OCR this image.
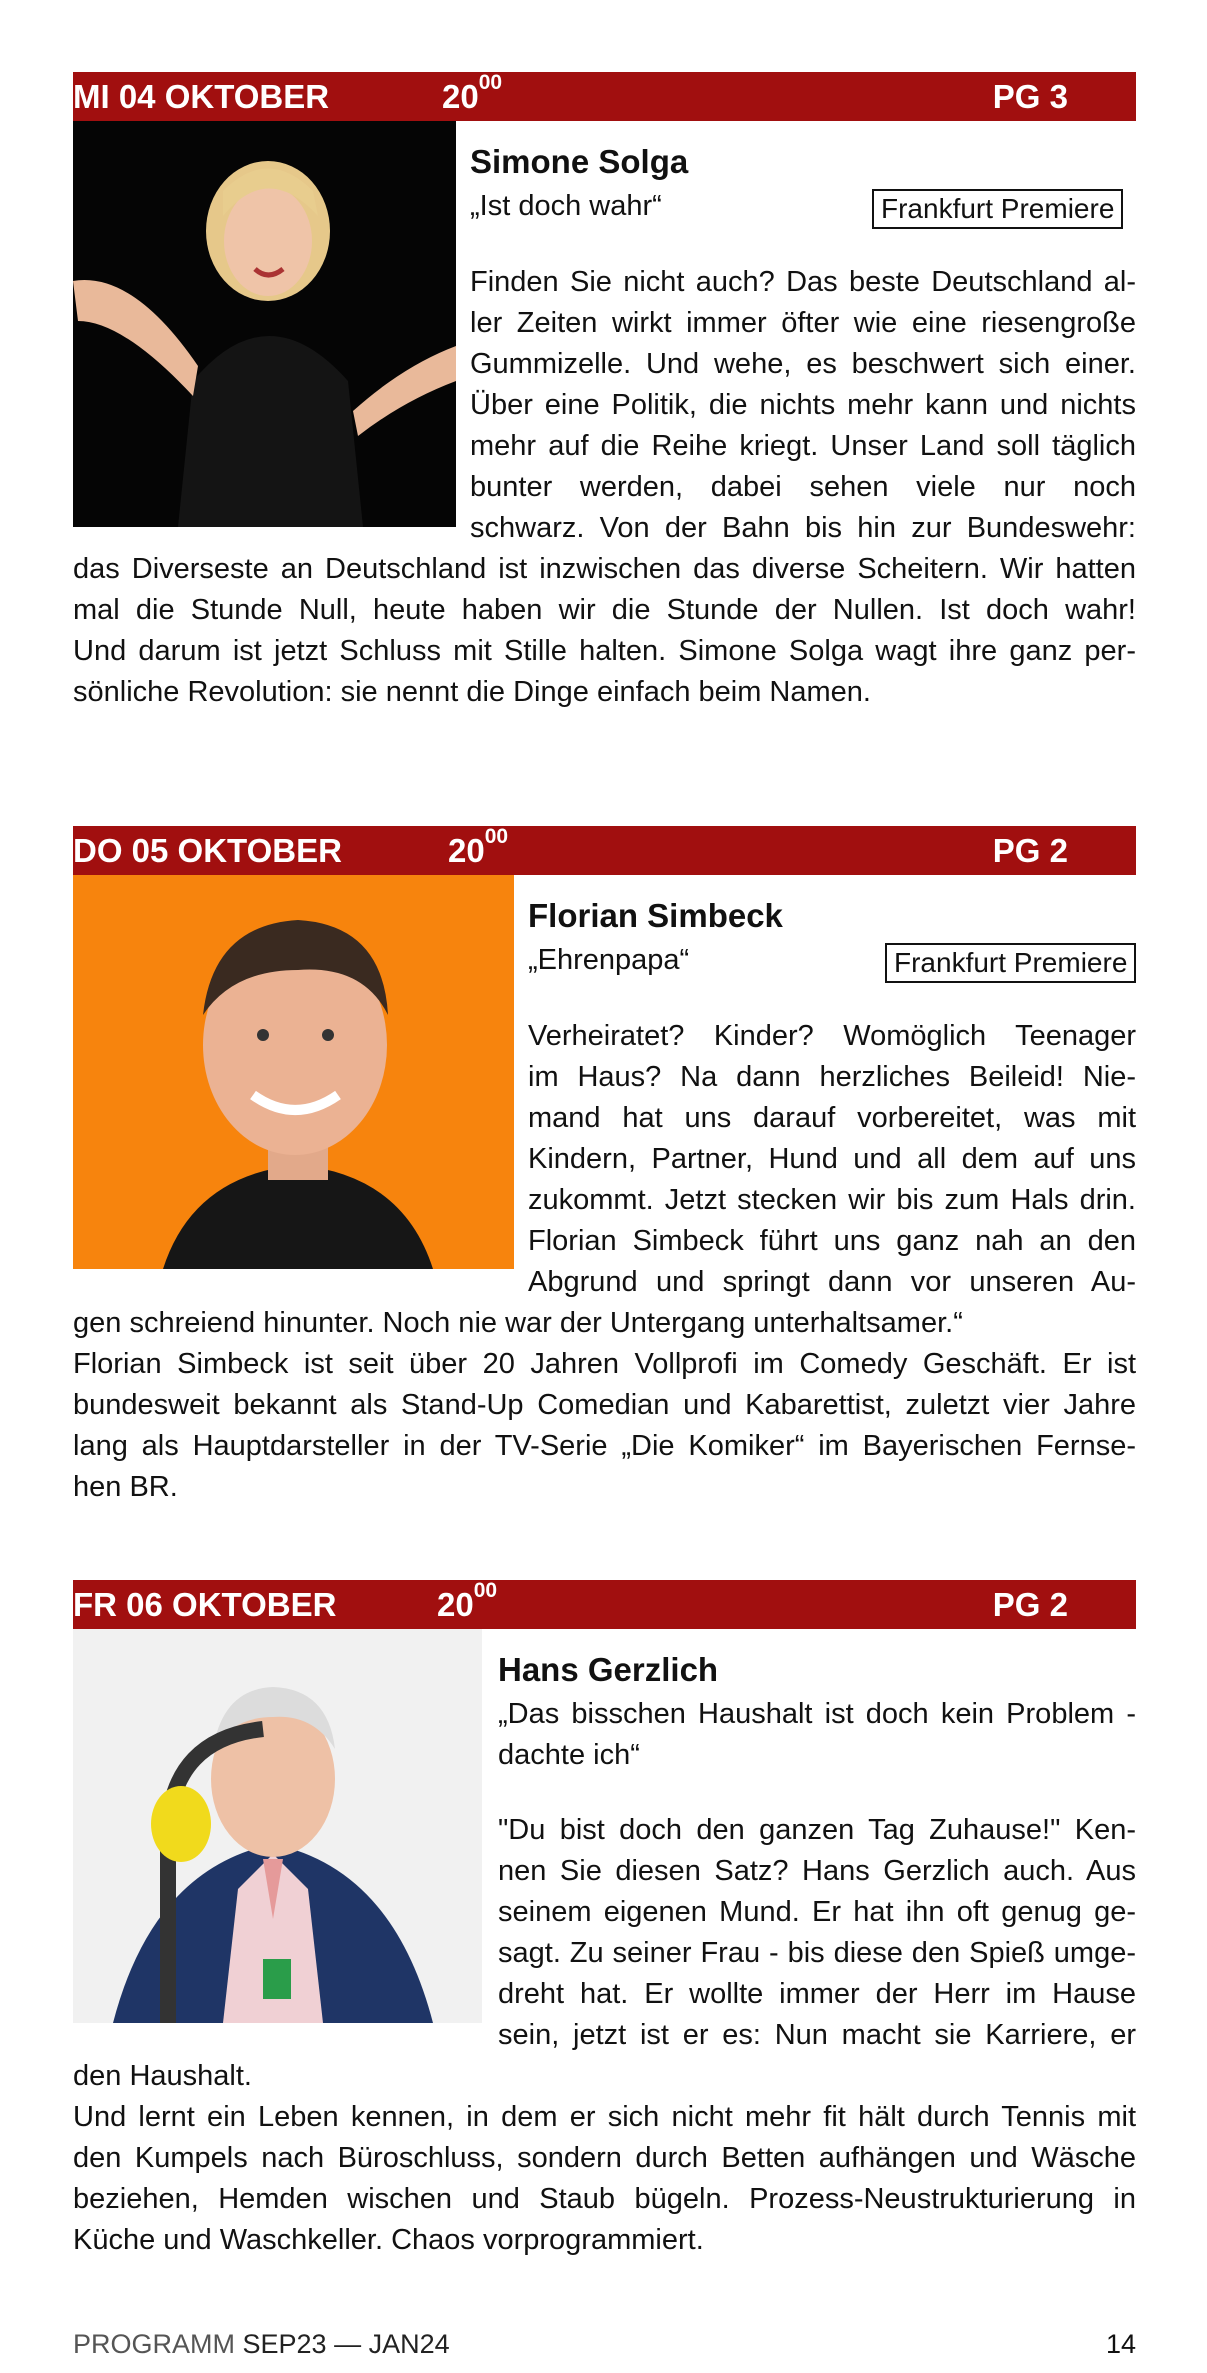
MI 04 OKTOBER	$20^{00}$	PG 3
Simone Solga
„Ist doch wahr“	Frankfurt Premiere
Finden Sie nicht auch? Das beste Deutschland al-
ler Zeiten wirkt immer öfter wie eine riesengroße
Gummizelle. Und wehe, es beschwert sich einer.
Über eine Politik, die nichts mehr kann und nichts
mehr auf die Reihe kriegt. Unser Land soll täglich
bunter werden, dabei sehen viele nur noch
schwarz. Von der Bahn bis hin zur Bundeswehr:
das Diverseste an Deutschland ist inzwischen das diverse Scheitern. Wir hatten
mal die Stunde Null, heute haben wir die Stunde der Nullen. Ist doch wahr!
Und darum ist jetzt Schluss mit Stille halten. Simone Solga wagt ihre ganz per-
sönliche Revolution: sie nennt die Dinge einfach beim Namen.
DO 05 OKTOBER	$20^{00}$	PG 2
Florian Simbeck
„Ehrenpapa“	Frankfurt Premiere
Verheiratet? Kinder? Womöglich Teenager
im Haus? Na dann herzliches Beileid! Nie-
mand hat uns darauf vorbereitet, was mit
Kindern, Partner, Hund und all dem auf uns
zukommt. Jetzt stecken wir bis zum Hals drin.
Florian Simbeck führt uns ganz nah an den
Abgrund und springt dann vor unseren Au-
gen schreiend hinunter. Noch nie war der Untergang unterhaltsamer.“
Florian Simbeck ist seit über 20 Jahren Vollprofi im Comedy Geschäft. Er ist
bundesweit bekannt als Stand-Up Comedian und Kabarettist, zuletzt vier Jahre
lang als Hauptdarsteller in der TV-Serie „Die Komiker“ im Bayerischen Fernse-
hen BR.
FR 06 OKTOBER	$20^{00}$	PG 2
Hans Gerzlich
„Das bisschen Haushalt ist doch kein Problem -
dachte ich“
"Du bist doch den ganzen Tag Zuhause!" Ken-
nen Sie diesen Satz? Hans Gerzlich auch. Aus
seinem eigenen Mund. Er hat ihn oft genug ge-
sagt. Zu seiner Frau - bis diese den Spieß umge-
dreht hat. Er wollte immer der Herr im Hause
sein, jetzt ist er es: Nun macht sie Karriere, er
den Haushalt.
Und lernt ein Leben kennen, in dem er sich nicht mehr fit hält durch Tennis mit
den Kumpels nach Büroschluss, sondern durch Betten aufhängen und Wäsche
beziehen, Hemden wischen und Staub bügeln. Prozess-Neustrukturierung in
Küche und Waschkeller. Chaos vorprogrammiert.
PROGRAMM SEP23 — JAN24	14
